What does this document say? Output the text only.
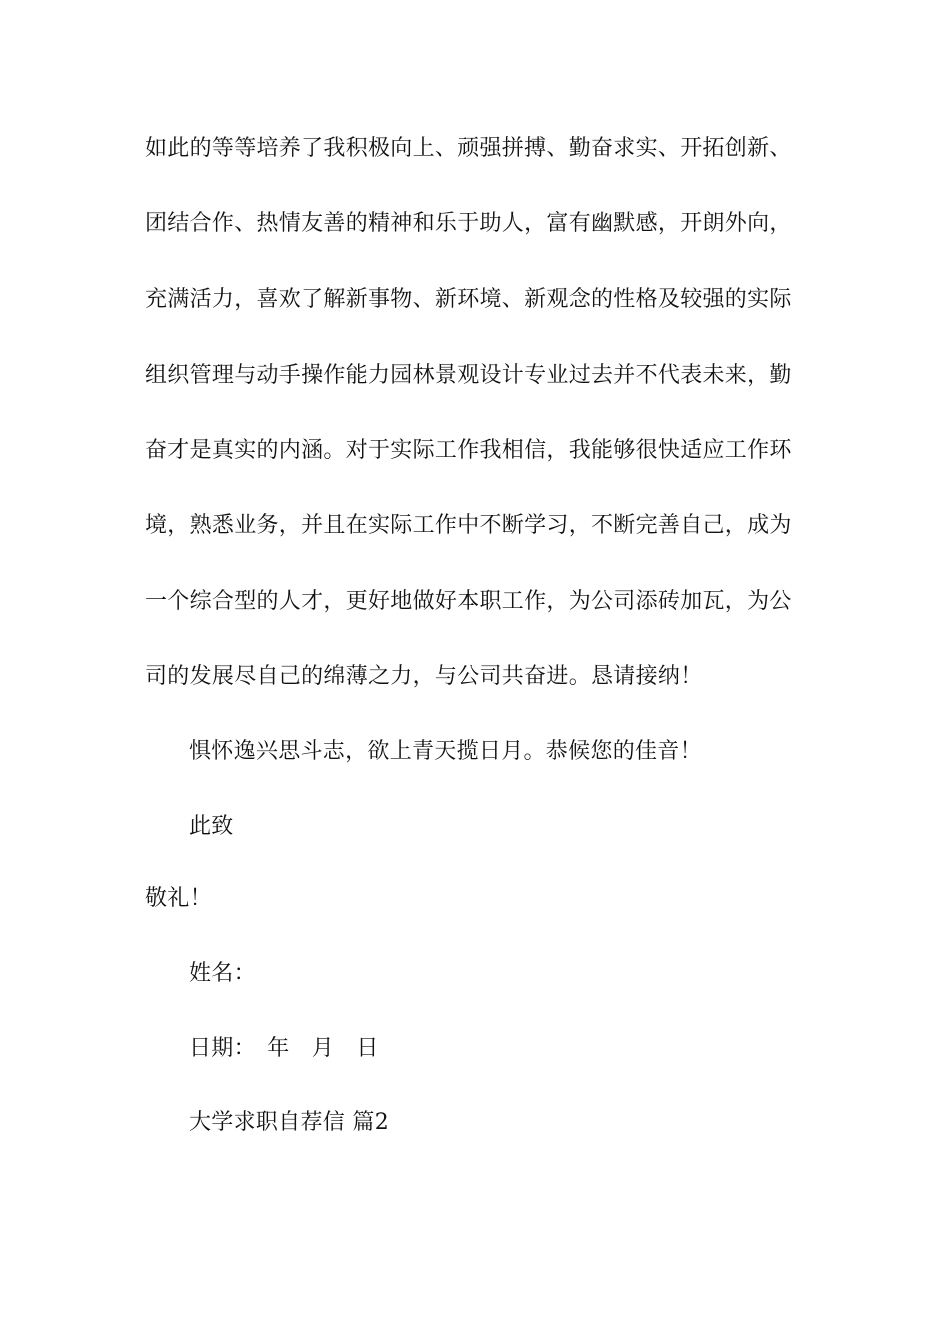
如此的等等培养了我积极向上、顽强拼搏、勤奋求实、开拓创新、
团结合作、热情友善的精神和乐于助人，富有幽默感，开朗外向，
充满活力，喜欢了解新事物、新环境、新观念的性格及较强的实际
组织管理与动手操作能力园林景观设计专业过去并不代表未来，勤
奋才是真实的内涵。对于实际工作我相信，我能够很快适应工作环
境，熟悉业务，并且在实际工作中不断学习，不断完善自己，成为
一个综合型的人才，更好地做好本职工作，为公司添砖加瓦，为公
司的发展尽自己的绵薄之力，与公司共奋进。恳请接纳！
惧怀逸兴思斗志，欲上青天揽日月。恭候您的佳音！
此致
敬礼！
姓名：
日期：　年　月　日
大学求职自荐信 篇2
